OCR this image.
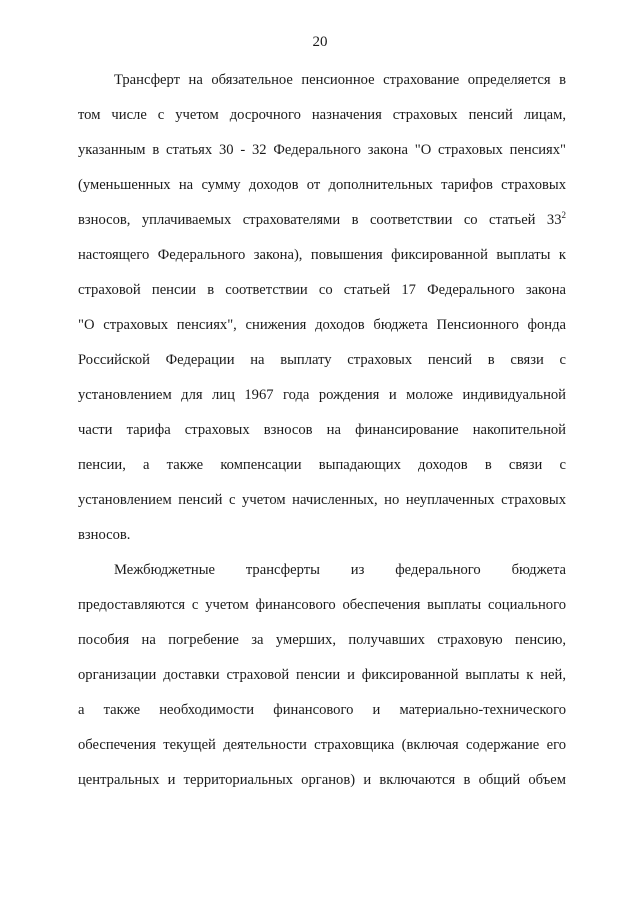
20
Трансферт на обязательное пенсионное страхование определяется в
том числе с учетом досрочного назначения страховых пенсий лицам,
указанным в статьях 30 - 32 Федерального закона "О страховых пенсиях"
(уменьшенных на сумму доходов от дополнительных тарифов страховых
взносов, уплачиваемых страхователями в соответствии со статьей $33^2$
настоящего Федерального закона), повышения фиксированной выплаты к
страховой пенсии в соответствии со статьей 17 Федерального закона
"О страховых пенсиях", снижения доходов бюджета Пенсионного фонда
Российской Федерации на выплату страховых пенсий в связи с
установлением для лиц 1967 года рождения и моложе индивидуальной
части тарифа страховых взносов на финансирование накопительной
пенсии, а также компенсации выпадающих доходов в связи с
установлением пенсий с учетом начисленных, но неуплаченных страховых
взносов.
Межбюджетные трансферты из федерального бюджета
предоставляются с учетом финансового обеспечения выплаты социального
пособия на погребение за умерших, получавших страховую пенсию,
организации доставки страховой пенсии и фиксированной выплаты к ней,
а также необходимости финансового и материально-технического
обеспечения текущей деятельности страховщика (включая содержание его
центральных и территориальных органов) и включаются в общий объем
